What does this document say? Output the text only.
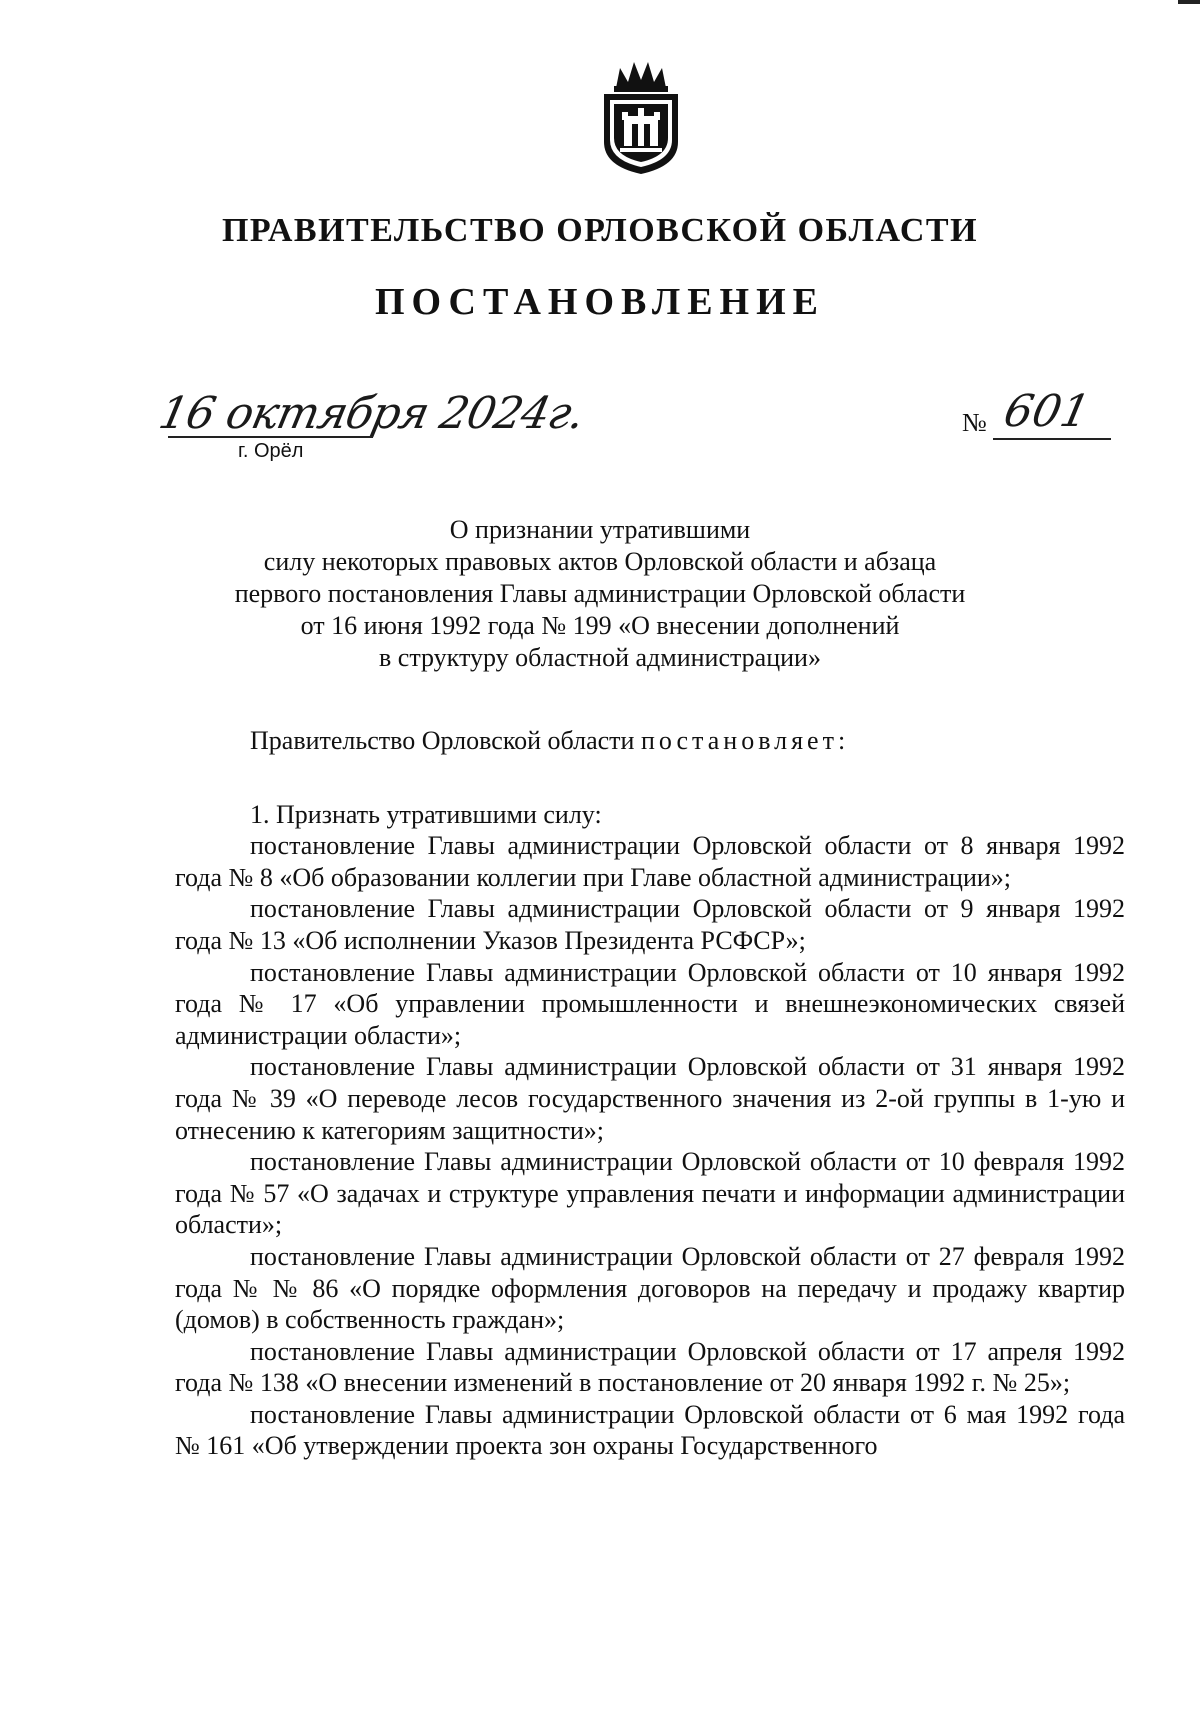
ПРАВИТЕЛЬСТВО ОРЛОВСКОЙ ОБЛАСТИ
ПОСТАНОВЛЕНИЕ
16 октября 2024г.
г. Орёл
№ 601
О признании утратившими
силу некоторых правовых актов Орловской области и абзаца
первого постановления Главы администрации Орловской области
от 16 июня 1992 года № 199 «О внесении дополнений
в структуру областной администрации»

Правительство Орловской области постановляет:

1. Признать утратившими силу:

постановление Главы администрации Орловской области от 8 января 1992 года № 8 «Об образовании коллегии при Главе областной администрации»;

постановление Главы администрации Орловской области от 9 января 1992 года № 13 «Об исполнении Указов Президента РСФСР»;

постановление Главы администрации Орловской области от 10 января 1992 года № 17 «Об управлении промышленности и внешнеэкономических связей администрации области»;

постановление Главы администрации Орловской области от 31 января 1992 года № 39 «О переводе лесов государственного значения из 2-ой группы в 1-ую и отнесению к категориям защитности»;

постановление Главы администрации Орловской области от 10 февраля 1992 года № 57 «О задачах и структуре управления печати и информации администрации области»;

постановление Главы администрации Орловской области от 27 февраля 1992 года № № 86 «О порядке оформления договоров на передачу и продажу квартир (домов) в собственность граждан»;

постановление Главы администрации Орловской области от 17 апреля 1992 года № 138 «О внесении изменений в постановление от 20 января 1992 г. № 25»;

постановление Главы администрации Орловской области от 6 мая 1992 года № 161 «Об утверждении проекта зон охраны Государственного
